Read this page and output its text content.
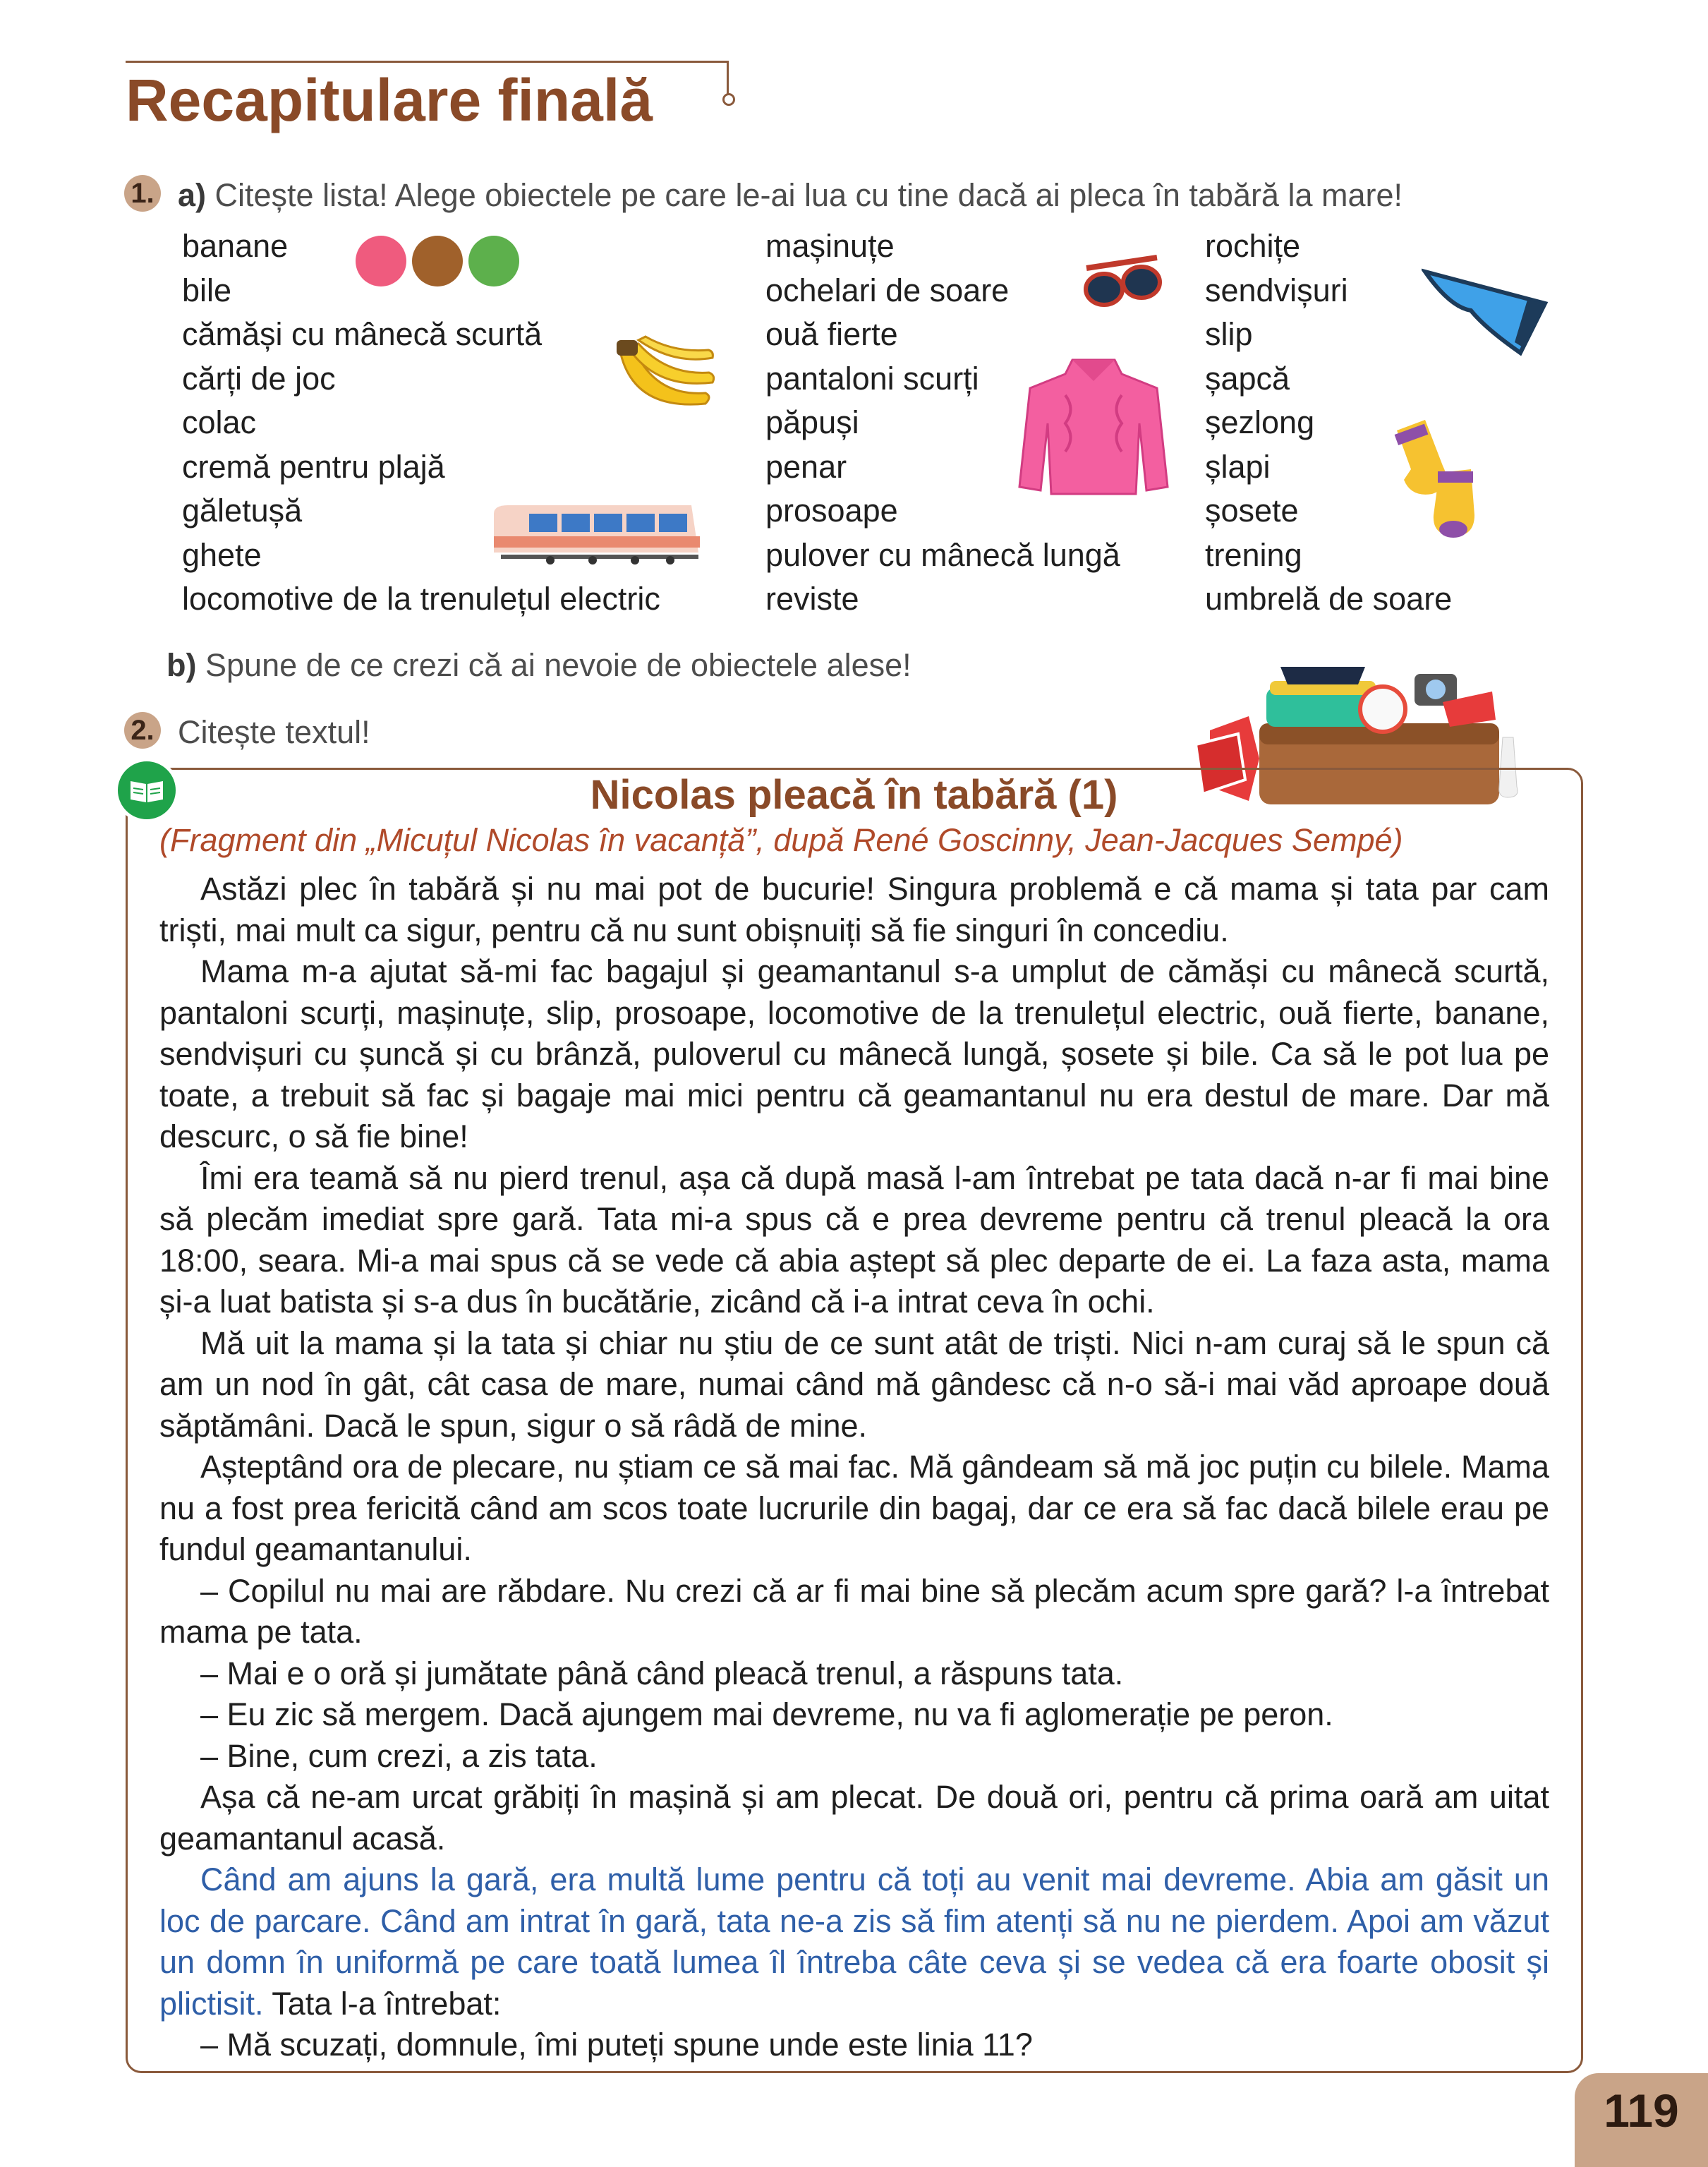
Recapitulare finală
1. a) Citește lista! Alege obiectele pe care le-ai lua cu tine dacă ai pleca în tabără la mare!
banane
bile
cămăși cu mânecă scurtă
cărți de joc
colac
cremă pentru plajă
găletușă
ghete
locomotive de la trenulețul electric
mașinuțe
ochelari de soare
ouă fierte
pantaloni scurți
păpuși
penar
prosoape
pulover cu mânecă lungă
reviste
rochițe
sendvișuri
slip
șapcă
șezlong
șlapi
șosete
trening
umbrelă de soare
b) Spune de ce crezi că ai nevoie de obiectele alese!
2. Citește textul!
Nicolas pleacă în tabără (1)
(Fragment din „Micuțul Nicolas în vacanță”, după René Goscinny, Jean-Jacques Sempé)

Astăzi plec în tabără și nu mai pot de bucurie! Singura problemă e că mama și tata par cam triști, mai mult ca sigur, pentru că nu sunt obișnuiți să fie singuri în concediu.

Mama m-a ajutat să-mi fac bagajul și geamantanul s-a umplut de cămăși cu mânecă scurtă, pantaloni scurți, mașinuțe, slip, prosoape, locomotive de la trenulețul electric, ouă fierte, banane, sendvișuri cu șuncă și cu brânză, puloverul cu mânecă lungă, șosete și bile. Ca să le pot lua pe toate, a trebuit să fac și bagaje mai mici pentru că geamantanul nu era destul de mare. Dar mă descurc, o să fie bine!

Îmi era teamă să nu pierd trenul, așa că după masă l-am întrebat pe tata dacă n-ar fi mai bine să plecăm imediat spre gară. Tata mi-a spus că e prea devreme pentru că trenul pleacă la ora 18:00, seara. Mi-a mai spus că se vede că abia aștept să plec departe de ei. La faza asta, mama și-a luat batista și s-a dus în bucătărie, zicând că i-a intrat ceva în ochi.

Mă uit la mama și la tata și chiar nu știu de ce sunt atât de triști. Nici n-am curaj să le spun că am un nod în gât, cât casa de mare, numai când mă gândesc că n-o să-i mai văd aproape două săptămâni. Dacă le spun, sigur o să râdă de mine.

Așteptând ora de plecare, nu știam ce să mai fac. Mă gândeam să mă joc puțin cu bilele. Mama nu a fost prea fericită când am scos toate lucrurile din bagaj, dar ce era să fac dacă bilele erau pe fundul geamantanului.

– Copilul nu mai are răbdare. Nu crezi că ar fi mai bine să plecăm acum spre gară? l-a întrebat mama pe tata.

– Mai e o oră și jumătate până când pleacă trenul, a răspuns tata.

– Eu zic să mergem. Dacă ajungem mai devreme, nu va fi aglomerație pe peron.

– Bine, cum crezi, a zis tata.

Așa că ne-am urcat grăbiți în mașină și am plecat. De două ori, pentru că prima oară am uitat geamantanul acasă.

Când am ajuns la gară, era multă lume pentru că toți au venit mai devreme. Abia am găsit un loc de parcare. Când am intrat în gară, tata ne-a zis să fim atenți să nu ne pierdem. Apoi am văzut un domn în uniformă pe care toată lumea îl întreba câte ceva și se vedea că era foarte obosit și plictisit. Tata l-a întrebat:

– Mă scuzați, domnule, îmi puteți spune unde este linia 11?

119
